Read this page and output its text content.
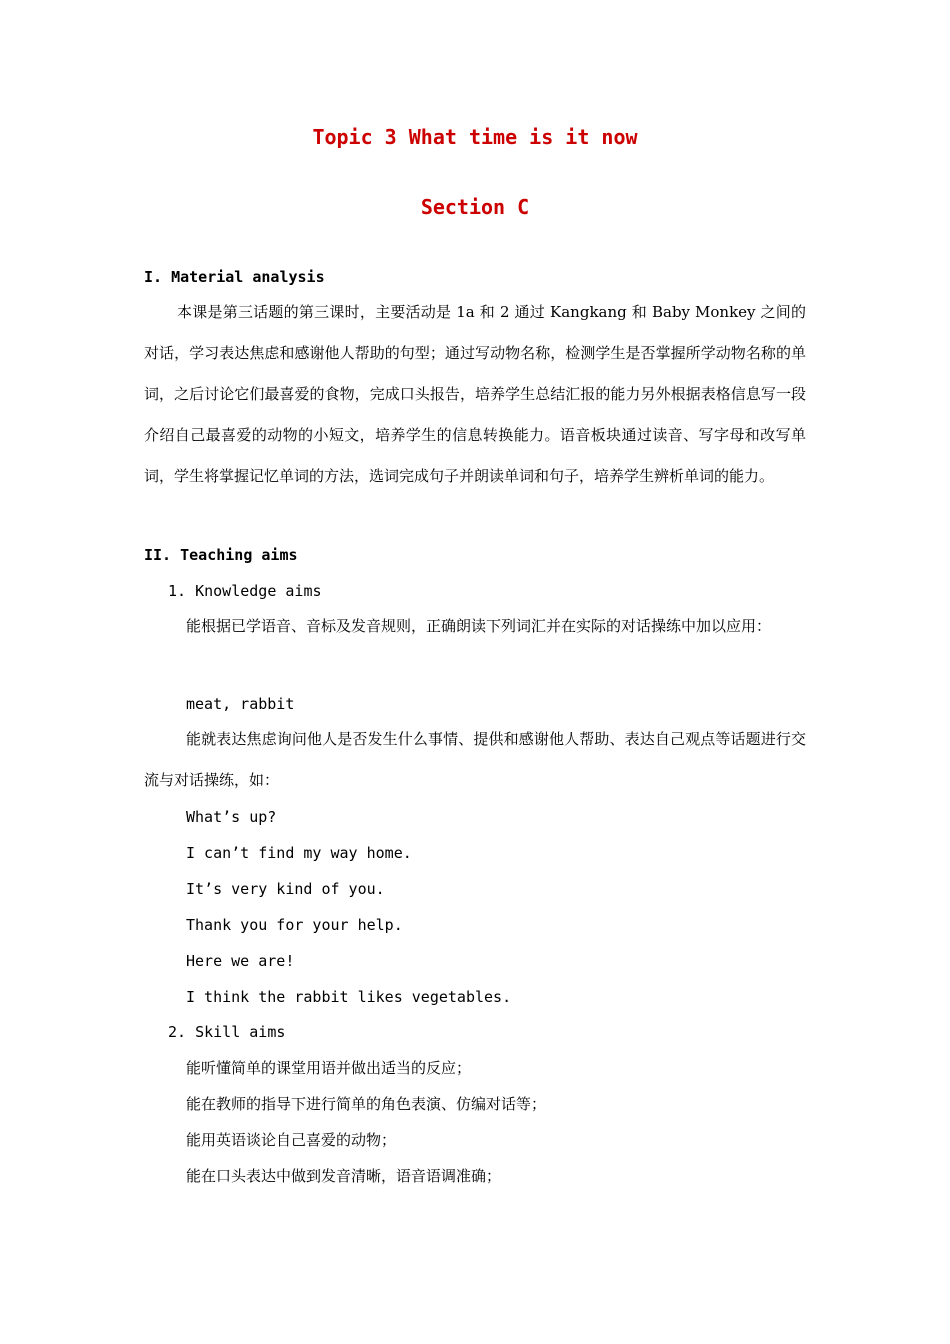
Topic 3 What time is it now
Section C
I. Material analysis
本课是第三话题的第三课时，主要活动是 1a 和 2 通过 Kangkang 和 Baby Monkey 之间的对话，学习表达焦虑和感谢他人帮助的句型；通过写动物名称，检测学生是否掌握所学动物名称的单词，之后讨论它们最喜爱的食物，完成口头报告，培养学生总结汇报的能力另外根据表格信息写一段介绍自己最喜爱的动物的小短文，培养学生的信息转换能力。语音板块通过读音、写字母和改写单词，学生将掌握记忆单词的方法，选词完成句子并朗读单词和句子，培养学生辨析单词的能力。
II. Teaching aims
1. Knowledge aims
能根据已学语音、音标及发音规则，正确朗读下列词汇并在实际的对话操练中加以应用：
meat, rabbit
能就表达焦虑询问他人是否发生什么事情、提供和感谢他人帮助、表达自己观点等话题进行交流与对话操练，如：
What’s up?
I can’t find my way home.
It’s very kind of you.
Thank you for your help.
Here we are!
I think the rabbit likes vegetables.
2. Skill aims
能听懂简单的课堂用语并做出适当的反应；
能在教师的指导下进行简单的角色表演、仿编对话等；
能用英语谈论自己喜爱的动物；
能在口头表达中做到发音清晰，语音语调准确；
